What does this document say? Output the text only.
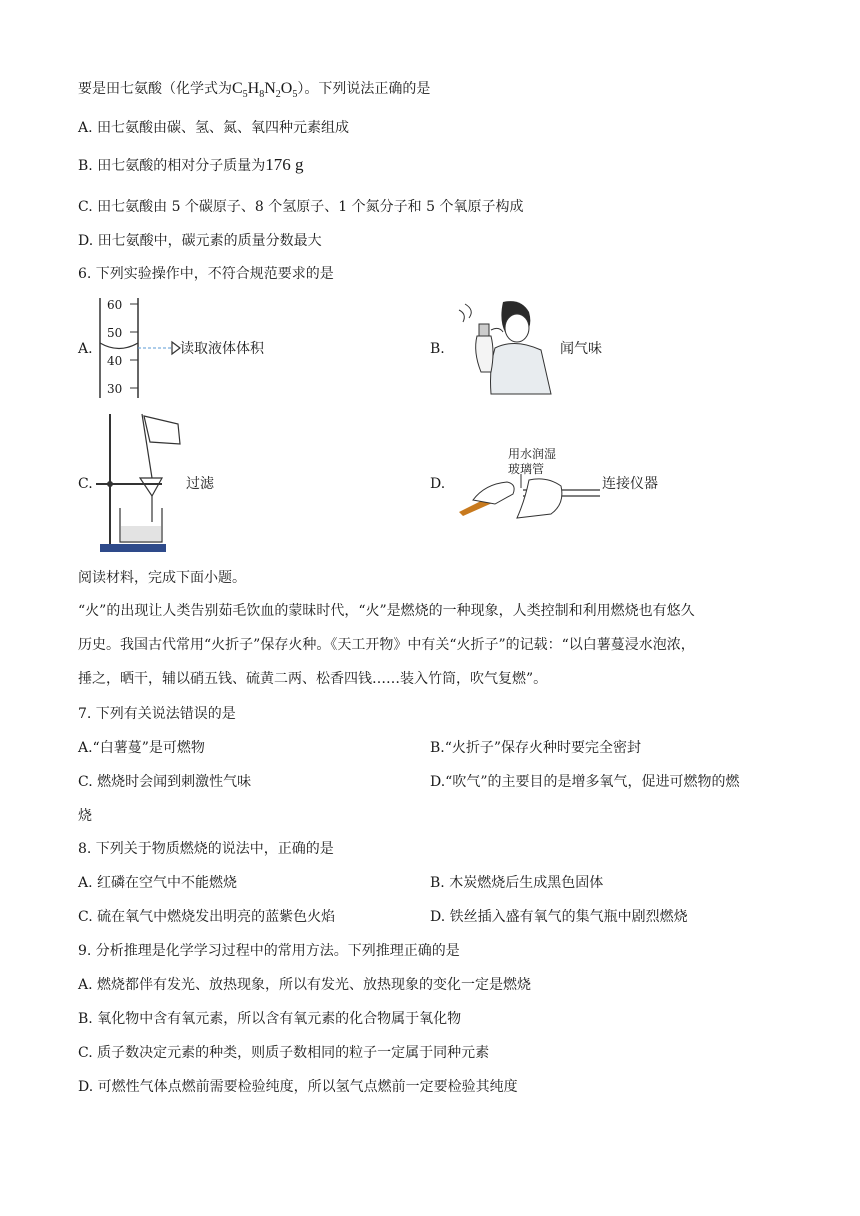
要是田七氨酸（化学式为$C_5H_8N_2O_5$）。下列说法正确的是
A. 田七氨酸由碳、氢、氮、氧四种元素组成
B. 田七氨酸的相对分子质量为176 g
C. 田七氨酸由 5 个碳原子、8 个氢原子、1 个氮分子和 5 个氧原子构成
D. 田七氨酸中，碳元素的质量分数最大
6. 下列实验操作中，不符合规范要求的是
A.
60
50
40
30
读取液体体积	B.	闻气味
C.	过滤	D.
用水润湿
玻璃管
连接仪器
阅读材料，完成下面小题。
“火”的出现让人类告别茹毛饮血的蒙昧时代，“火”是燃烧的一种现象，人类控制和利用燃烧也有悠久
历史。我国古代常用“火折子”保存火种。《天工开物》中有关“火折子”的记载：“以白薯蔓浸水泡浓，
捶之，晒干，辅以硝五钱、硫黄二两、松香四钱……装入竹筒，吹气复燃”。
7. 下列有关说法错误的是
A.“白薯蔓”是可燃物	B.“火折子”保存火种时要完全密封
C. 燃烧时会闻到刺激性气味	D.“吹气”的主要目的是增多氧气，促进可燃物的燃
烧
8. 下列关于物质燃烧的说法中，正确的是
A. 红磷在空气中不能燃烧	B. 木炭燃烧后生成黑色固体
C. 硫在氧气中燃烧发出明亮的蓝紫色火焰	D. 铁丝插入盛有氧气的集气瓶中剧烈燃烧
9. 分析推理是化学学习过程中的常用方法。下列推理正确的是
A. 燃烧都伴有发光、放热现象，所以有发光、放热现象的变化一定是燃烧
B. 氧化物中含有氧元素，所以含有氧元素的化合物属于氧化物
C. 质子数决定元素的种类，则质子数相同的粒子一定属于同种元素
D. 可燃性气体点燃前需要检验纯度，所以氢气点燃前一定要检验其纯度
